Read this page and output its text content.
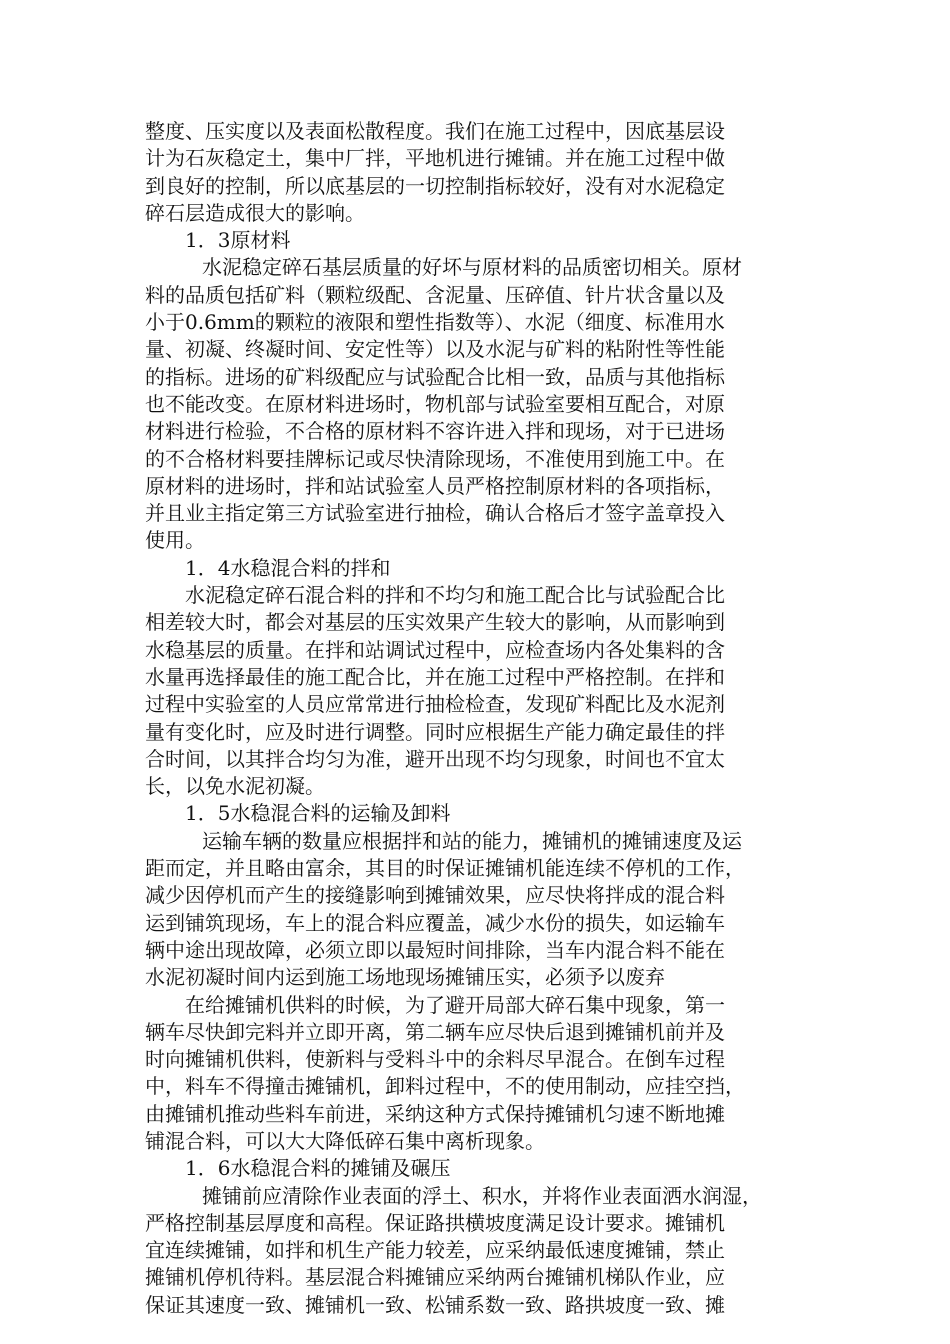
整度、压实度以及表面松散程度。我们在施工过程中，因底基层设
计为石灰稳定土，集中厂拌，平地机进行摊铺。并在施工过程中做
到良好的控制，所以底基层的一切控制指标较好，没有对水泥稳定
碎石层造成很大的影响。
1．3原材料
水泥稳定碎石基层质量的好坏与原材料的品质密切相关。原材
料的品质包括矿料（颗粒级配、含泥量、压碎值、针片状含量以及
小于0.6mm的颗粒的液限和塑性指数等）、水泥（细度、标准用水
量、初凝、终凝时间、安定性等）以及水泥与矿料的粘附性等性能
的指标。进场的矿料级配应与试验配合比相一致，品质与其他指标
也不能改变。在原材料进场时，物机部与试验室要相互配合，对原
材料进行检验，不合格的原材料不容许进入拌和现场，对于已进场
的不合格材料要挂牌标记或尽快清除现场，不准使用到施工中。在
原材料的进场时，拌和站试验室人员严格控制原材料的各项指标，
并且业主指定第三方试验室进行抽检，确认合格后才签字盖章投入
使用。
1．4水稳混合料的拌和
水泥稳定碎石混合料的拌和不均匀和施工配合比与试验配合比
相差较大时，都会对基层的压实效果产生较大的影响，从而影响到
水稳基层的质量。在拌和站调试过程中，应检查场内各处集料的含
水量再选择最佳的施工配合比，并在施工过程中严格控制。在拌和
过程中实验室的人员应常常进行抽检检查，发现矿料配比及水泥剂
量有变化时，应及时进行调整。同时应根据生产能力确定最佳的拌
合时间，以其拌合均匀为准，避开出现不均匀现象，时间也不宜太
长，以免水泥初凝。
1．5水稳混合料的运输及卸料
运输车辆的数量应根据拌和站的能力，摊铺机的摊铺速度及运
距而定，并且略由富余，其目的时保证摊铺机能连续不停机的工作，
减少因停机而产生的接缝影响到摊铺效果，应尽快将拌成的混合料
运到铺筑现场，车上的混合料应覆盖，减少水份的损失，如运输车
辆中途出现故障，必须立即以最短时间排除，当车内混合料不能在
水泥初凝时间内运到施工场地现场摊铺压实，必须予以废弃
在给摊铺机供料的时候，为了避开局部大碎石集中现象，第一
辆车尽快卸完料并立即开离，第二辆车应尽快后退到摊铺机前并及
时向摊铺机供料，使新料与受料斗中的余料尽早混合。在倒车过程
中，料车不得撞击摊铺机，卸料过程中，不的使用制动，应挂空挡，
由摊铺机推动些料车前进，采纳这种方式保持摊铺机匀速不断地摊
铺混合料，可以大大降低碎石集中离析现象。
1．6水稳混合料的摊铺及碾压
摊铺前应清除作业表面的浮土、积水，并将作业表面洒水润湿，
严格控制基层厚度和高程。保证路拱横坡度满足设计要求。摊铺机
宜连续摊铺，如拌和机生产能力较差，应采纳最低速度摊铺，禁止
摊铺机停机待料。基层混合料摊铺应采纳两台摊铺机梯队作业，应
保证其速度一致、摊铺机一致、松铺系数一致、路拱坡度一致、摊
